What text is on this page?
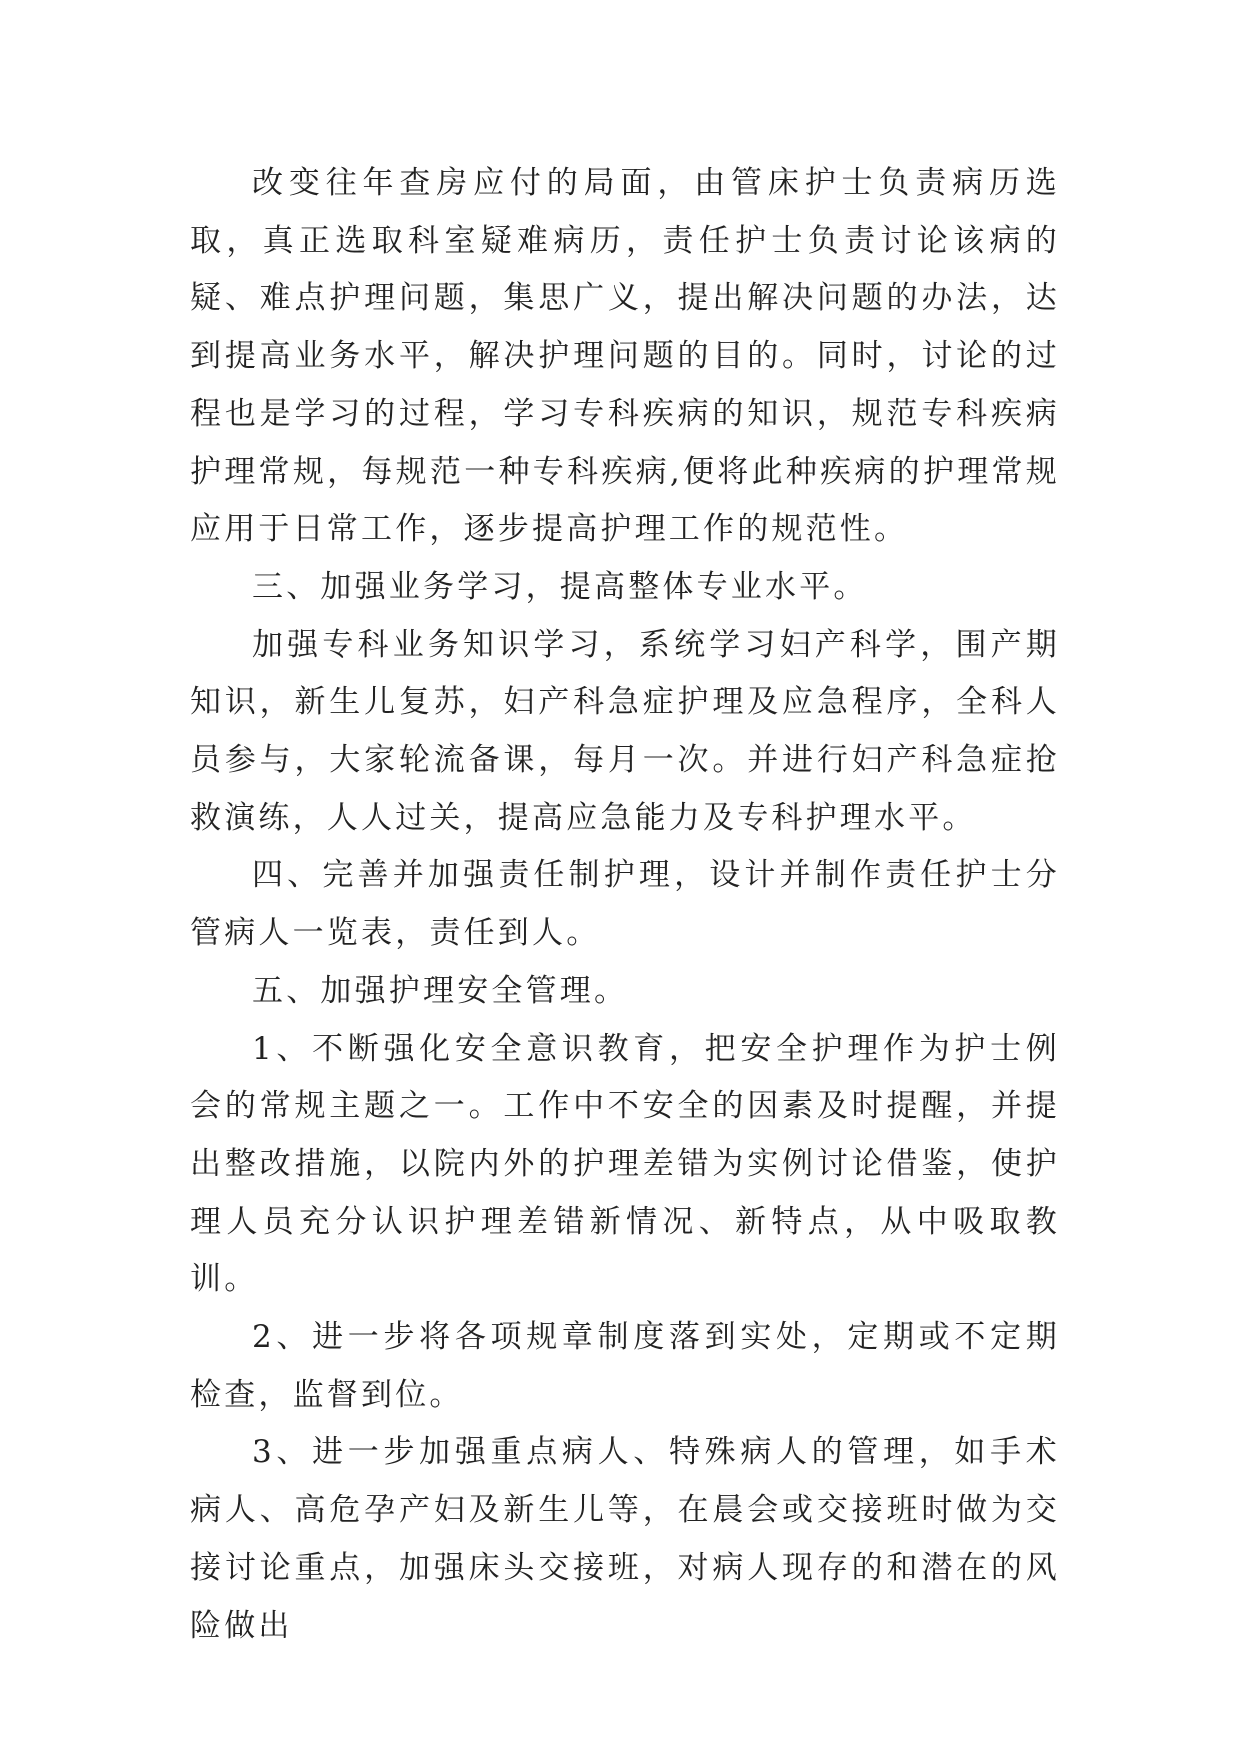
改变往年查房应付的局面，由管床护士负责病历选取，真正选取科室疑难病历，责任护士负责讨论该病的疑、难点护理问题，集思广义，提出解决问题的办法，达到提高业务水平，解决护理问题的目的。同时，讨论的过程也是学习的过程，学习专科疾病的知识，规范专科疾病护理常规，每规范一种专科疾病,便将此种疾病的护理常规应用于日常工作，逐步提高护理工作的规范性。

三、加强业务学习，提高整体专业水平。

加强专科业务知识学习，系统学习妇产科学，围产期知识，新生儿复苏，妇产科急症护理及应急程序，全科人员参与，大家轮流备课，每月一次。并进行妇产科急症抢救演练，人人过关，提高应急能力及专科护理水平。

四、完善并加强责任制护理，设计并制作责任护士分管病人一览表，责任到人。

五、加强护理安全管理。

1、不断强化安全意识教育，把安全护理作为护士例会的常规主题之一。工作中不安全的因素及时提醒，并提出整改措施，以院内外的护理差错为实例讨论借鉴，使护理人员充分认识护理差错新情况、新特点，从中吸取教训。

2、进一步将各项规章制度落到实处，定期或不定期检查，监督到位。

3、进一步加强重点病人、特殊病人的管理，如手术病人、高危孕产妇及新生儿等，在晨会或交接班时做为交接讨论重点，加强床头交接班，对病人现存的和潜在的风险做出
